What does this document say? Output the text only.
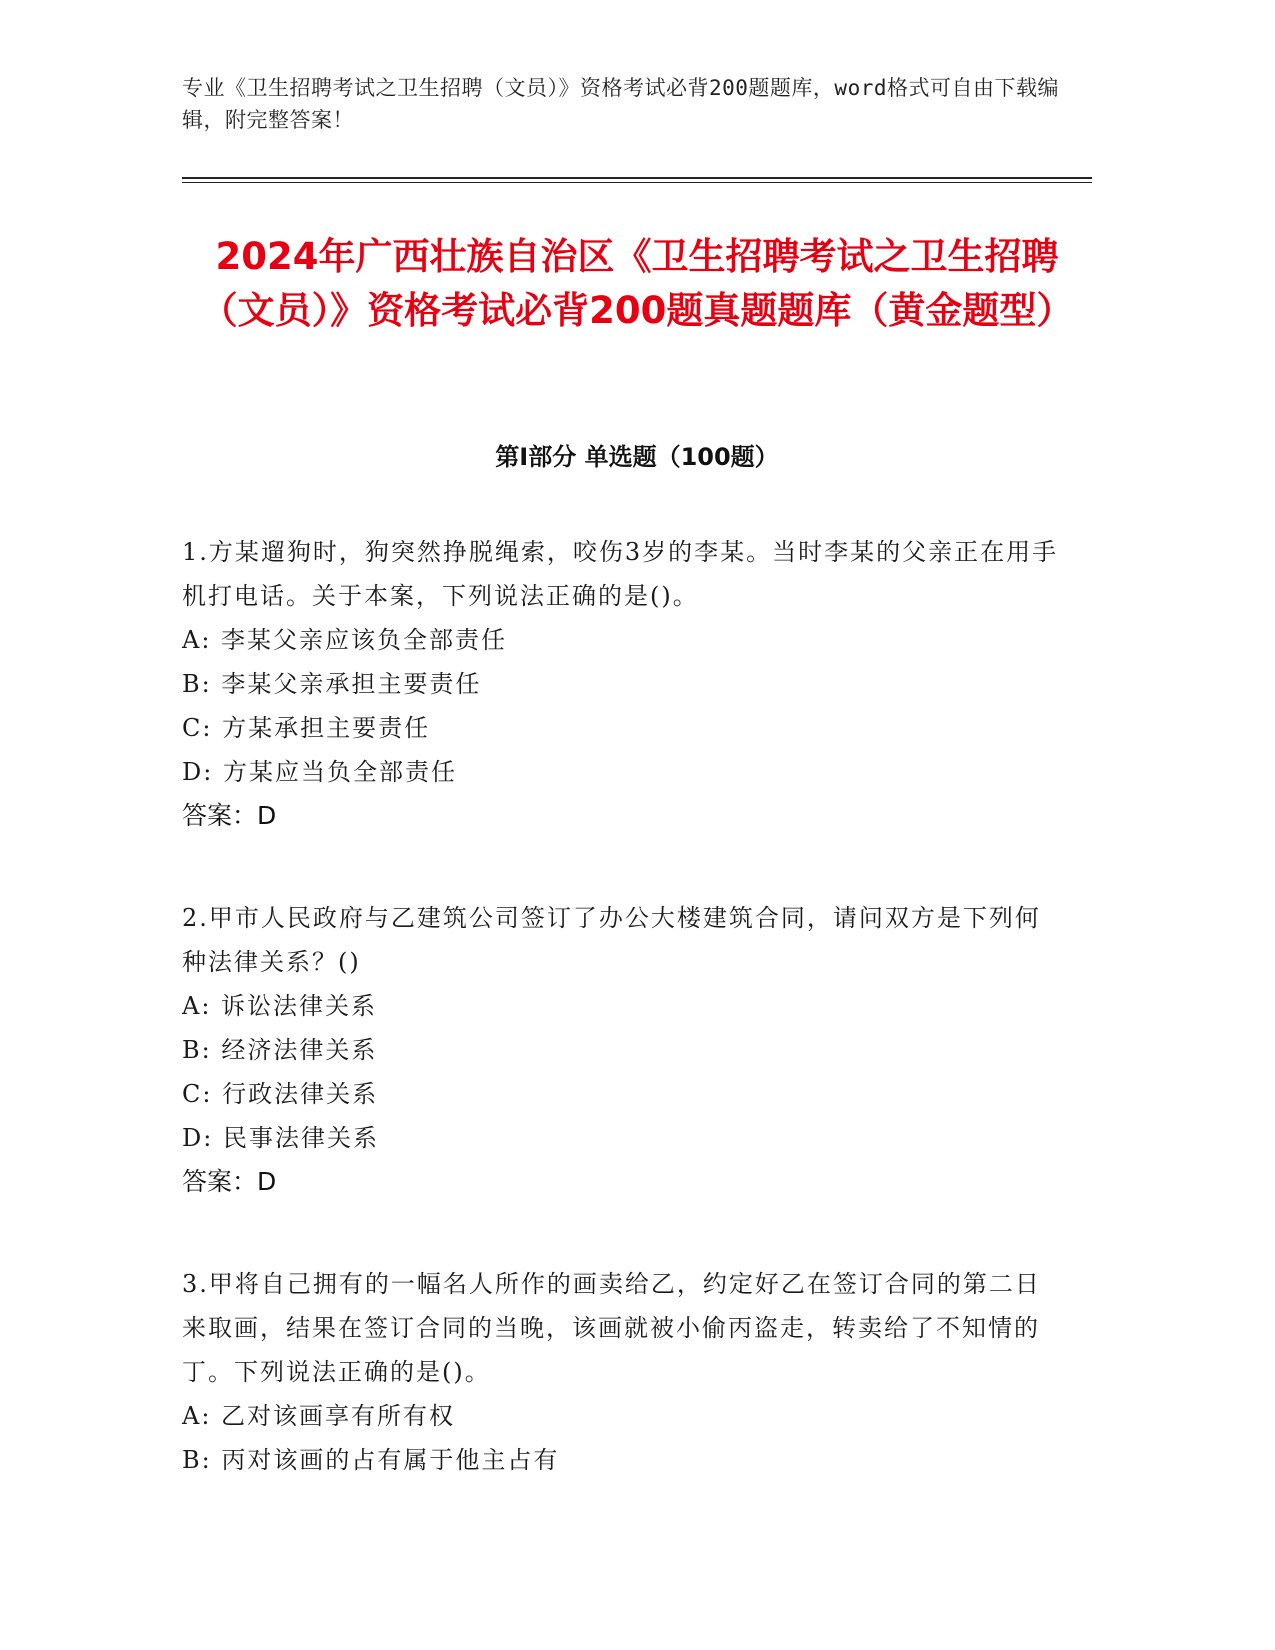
专业《卫生招聘考试之卫生招聘（文员）》资格考试必背200题题库，word格式可自由下载编辑，附完整答案！
2024年广西壮族自治区《卫生招聘考试之卫生招聘（文员）》资格考试必背200题真题题库（黄金题型）
第I部分 单选题（100题）
1.方某遛狗时，狗突然挣脱绳索，咬伤3岁的李某。当时李某的父亲正在用手机打电话。关于本案，下列说法正确的是()。
A: 李某父亲应该负全部责任
B: 李某父亲承担主要责任
C: 方某承担主要责任
D: 方某应当负全部责任
答案：D
2.甲市人民政府与乙建筑公司签订了办公大楼建筑合同，请问双方是下列何种法律关系？()
A: 诉讼法律关系
B: 经济法律关系
C: 行政法律关系
D: 民事法律关系
答案：D
3.甲将自己拥有的一幅名人所作的画卖给乙，约定好乙在签订合同的第二日来取画，结果在签订合同的当晚，该画就被小偷丙盗走，转卖给了不知情的丁。下列说法正确的是()。
A: 乙对该画享有所有权
B: 丙对该画的占有属于他主占有
